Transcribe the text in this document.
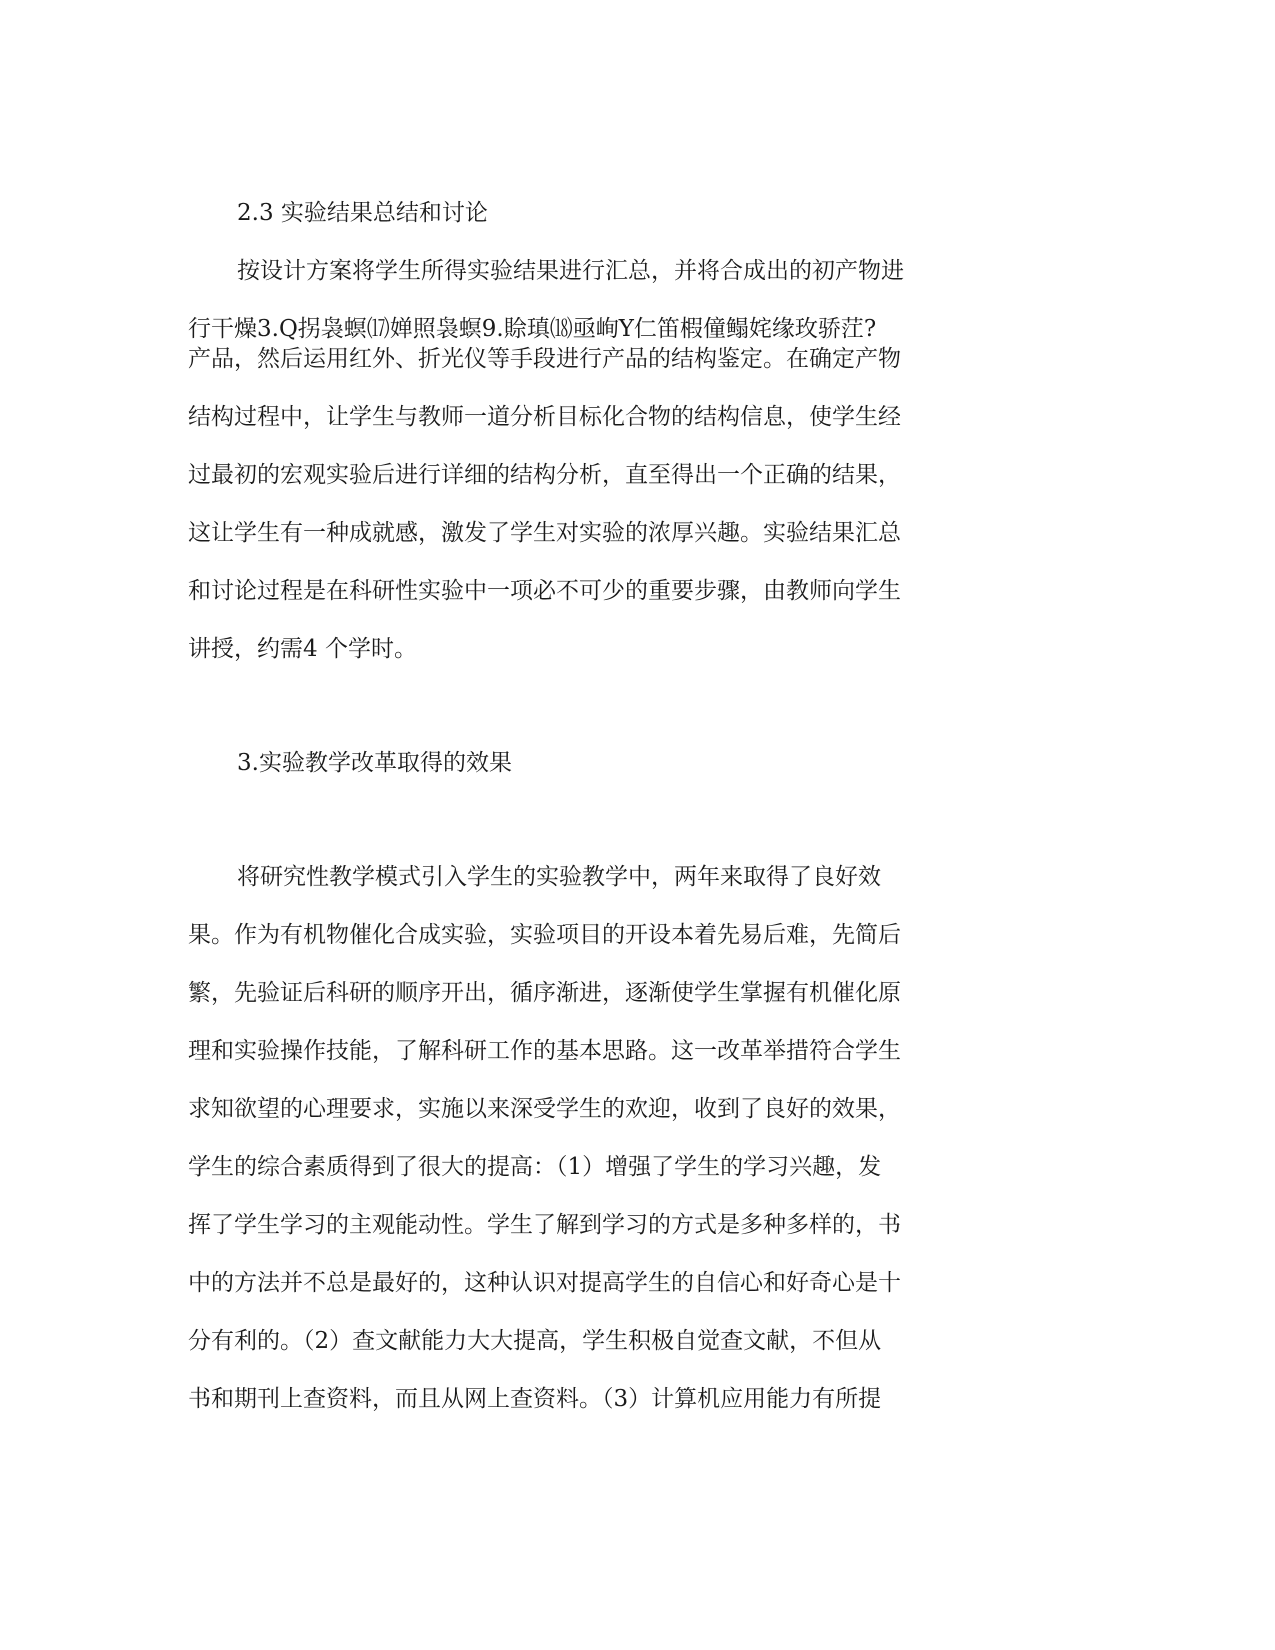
2.3 实验结果总结和讨论
按设计方案将学生所得实验结果进行汇总，并将合成出的初产物进
行干燥3.Q拐袅螟⒄婵照袅螟9.賒瑱⒅亟峋Y仁笛椵僮鳎姹缘玫骄茳?
产品，然后运用红外、折光仪等手段进行产品的结构鉴定。在确定产物
结构过程中，让学生与教师一道分析目标化合物的结构信息，使学生经
过最初的宏观实验后进行详细的结构分析，直至得出一个正确的结果，
这让学生有一种成就感，激发了学生对实验的浓厚兴趣。实验结果汇总
和讨论过程是在科研性实验中一项必不可少的重要步骤，由教师向学生
讲授，约需4 个学时。
3.实验教学改革取得的效果
将研究性教学模式引入学生的实验教学中，两年来取得了良好效
果。作为有机物催化合成实验，实验项目的开设本着先易后难，先简后
繁，先验证后科研的顺序开出，循序渐进，逐渐使学生掌握有机催化原
理和实验操作技能，了解科研工作的基本思路。这一改革举措符合学生
求知欲望的心理要求，实施以来深受学生的欢迎，收到了良好的效果，
学生的综合素质得到了很大的提高：（1）增强了学生的学习兴趣，发
挥了学生学习的主观能动性。学生了解到学习的方式是多种多样的，书
中的方法并不总是最好的，这种认识对提高学生的自信心和好奇心是十
分有利的。（2）查文献能力大大提高，学生积极自觉查文献，不但从
书和期刊上查资料，而且从网上查资料。（3）计算机应用能力有所提
